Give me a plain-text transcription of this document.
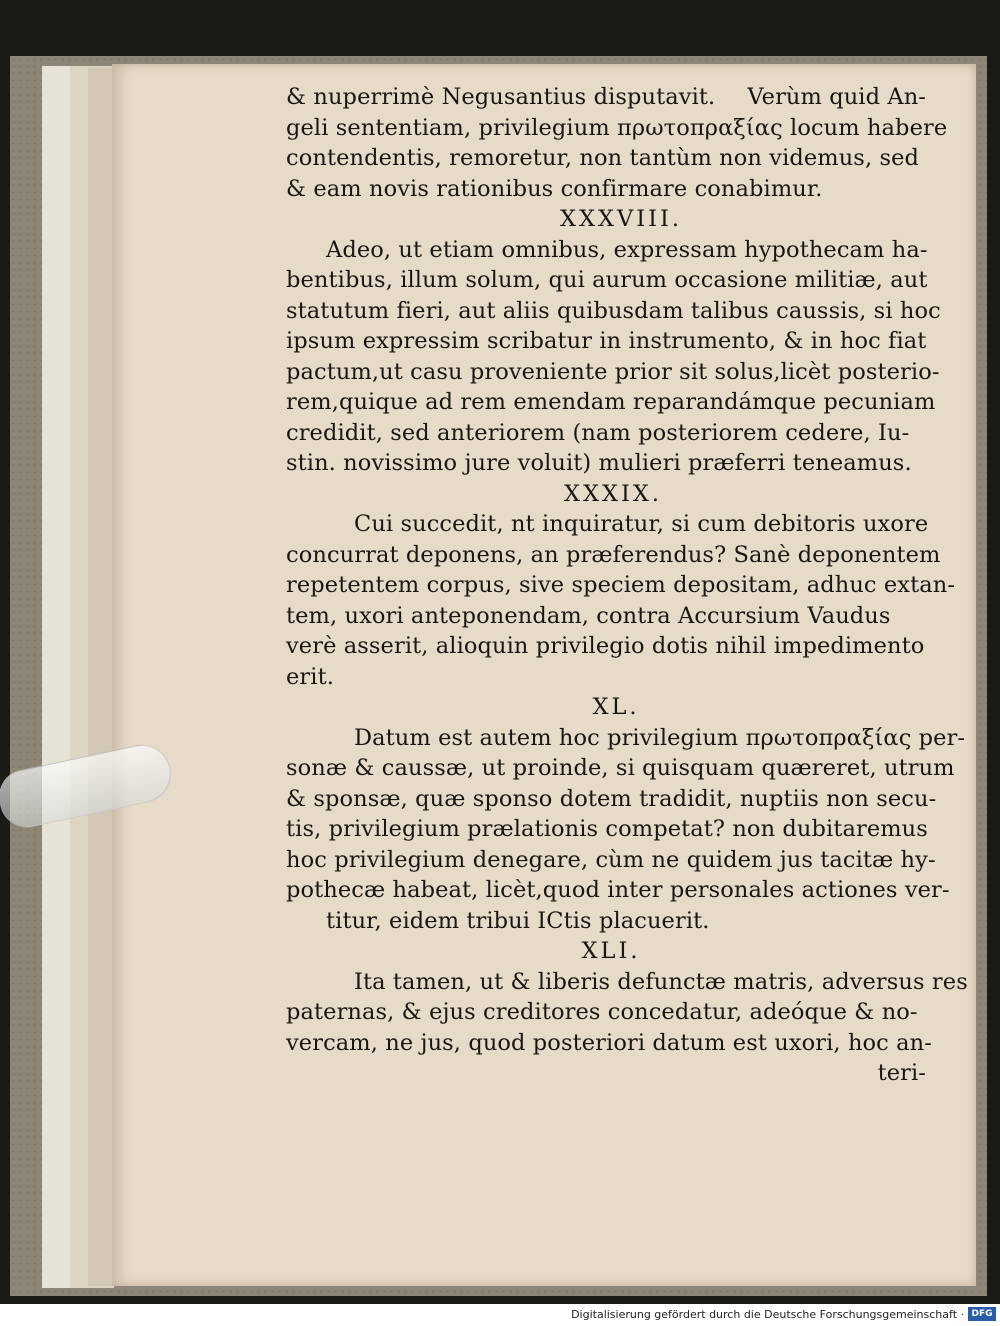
& nuperrimè Negusantius disputavit. Verùm quid An-
geli sententiam, privilegium πρωτοπραξίας locum habere
contendentis, remoretur, non tantùm non videmus, sed
& eam novis rationibus confirmare conabimur.
XXXVIII.
Adeo, ut etiam omnibus, expressam hypothecam ha-
bentibus, illum solum, qui aurum occasione militiæ, aut
statutum fieri, aut aliis quibusdam talibus caussis, si hoc
ipsum expressim scribatur in instrumento, & in hoc fiat
pactum,ut casu proveniente prior sit solus,licèt posterio-
rem,quique ad rem emendam reparandámque pecuniam
credidit, sed anteriorem (nam posteriorem cedere, Iu-
stin. novissimo jure voluit) mulieri præferri teneamus.
XXXIX.
Cui succedit, nt inquiratur, si cum debitoris uxore
concurrat deponens, an præferendus? Sanè deponentem
repetentem corpus, sive speciem depositam, adhuc extan-
tem, uxori anteponendam, contra Accursium Vaudus
verè asserit, alioquin privilegio dotis nihil impedimento
erit.
XL.
Datum est autem hoc privilegium πρωτοπραξίας per-
sonæ & caussæ, ut proinde, si quisquam quæreret, utrum
& sponsæ, quæ sponso dotem tradidit, nuptiis non secu-
tis, privilegium prælationis competat? non dubitaremus
hoc privilegium denegare, cùm ne quidem jus tacitæ hy-
pothecæ habeat, licèt,quod inter personales actiones ver-
titur, eidem tribui ICtis placuerit.
XLI.
Ita tamen, ut & liberis defunctæ matris, adversus res
paternas, & ejus creditores concedatur, adeóque & no-
vercam, ne jus, quod posteriori datum est uxori, hoc an-
teri-
Digitalisierung gefördert durch die Deutsche Forschungsgemeinschaft · DFG
